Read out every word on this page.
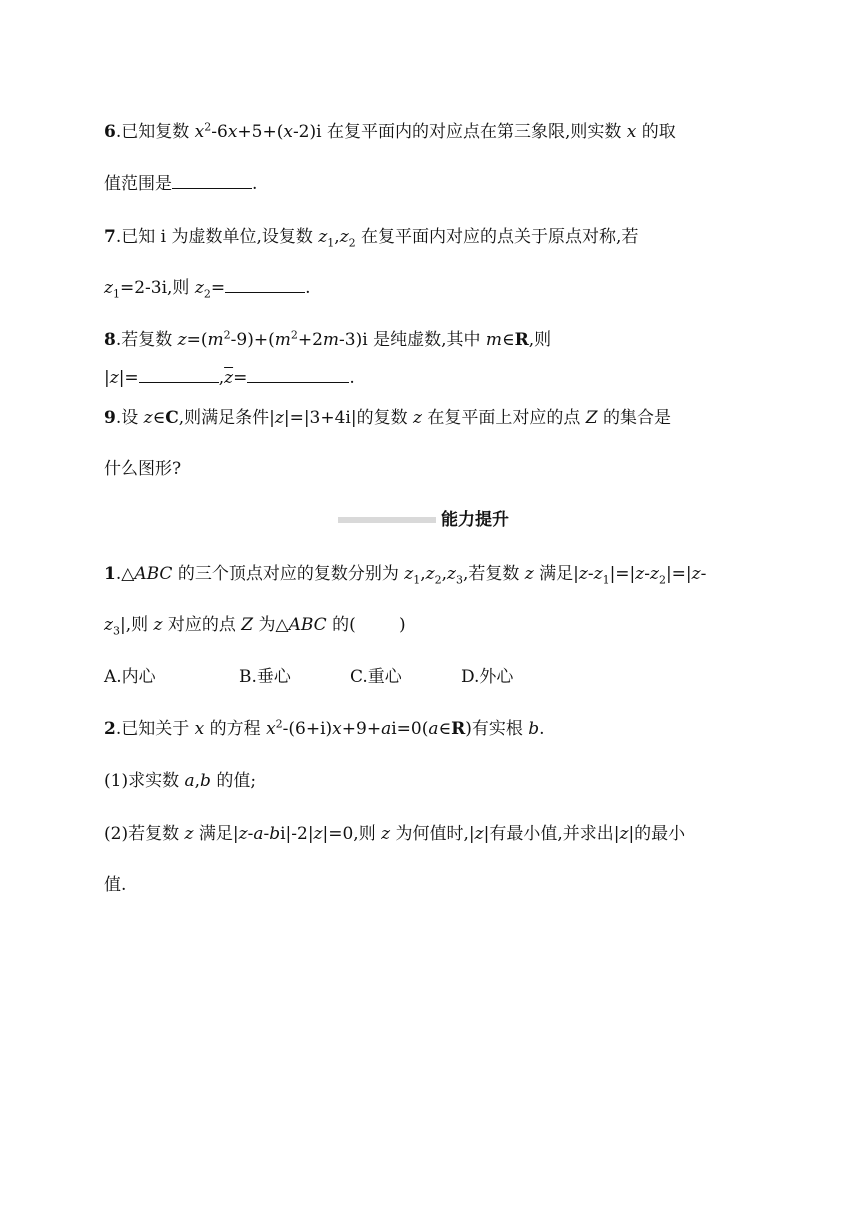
6.已知复数 $x^2-6x+5+(x-2)i$ 在复平面内的对应点在第三象限,则实数 x 的取
值范围是	.
7.已知 i 为虚数单位,设复数 $z_1,z_2$ 在复平面内对应的点关于原点对称,若
$z_1=2-3i$,则 $z_2=$	.
8.若复数 $z=(m^2-9)+(m^2+2m-3)i$ 是纯虚数,其中 m∈R,则
|z|=	$,\overline{z}=$	.
9.设 z∈C,则满足条件|z|=|3+4i|的复数 z 在复平面上对应的点 Z 的集合是
什么图形?
能力提升
1.△ABC 的三个顶点对应的复数分别为 $z_1,z_2,z_3$,若复数 z 满足$|z-z_1|=|z-z_2|=|z-$
$z_3|$,则 z 对应的点 Z 为△ABC 的(        )
A.内心	B.垂心	C.重心	D.外心
2.已知关于 x 的方程 $x^2-(6+i)x+9+ai=0(a\in R)$有实根 b.
(1)求实数 a,b 的值;
(2)若复数 z 满足|z-a-bi|-2|z|=0,则 z 为何值时,|z|有最小值,并求出|z|的最小
值.
